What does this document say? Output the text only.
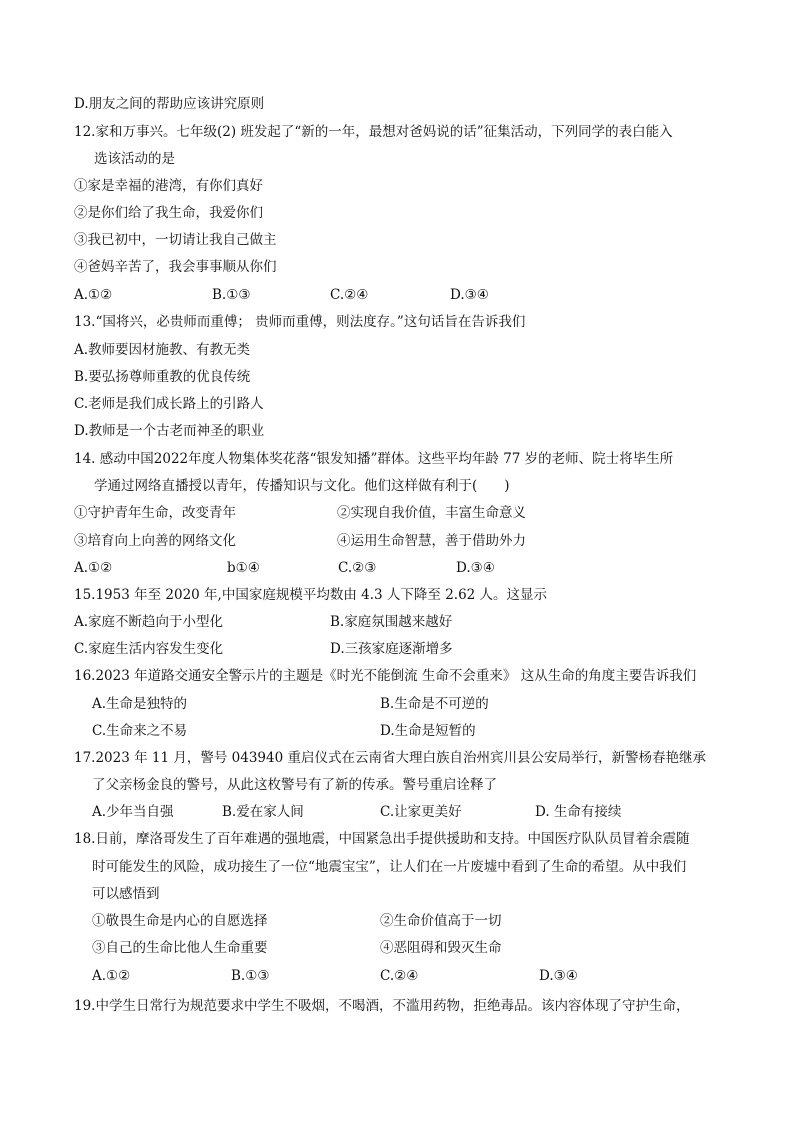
D.朋友之间的帮助应该讲究原则
12.家和万事兴。七年级(2) 班发起了“新的一年，最想对爸妈说的话”征集活动，下列同学的表白能入
选该活动的是
①家是幸福的港湾，有你们真好
②是你们给了我生命，我爱你们
③我已初中，一切请让我自己做主
④爸妈辛苦了，我会事事顺从你们
A.①②	B.①③	C.②④	D.③④
13.“国将兴，必贵师而重傅； 贵师而重傅，则法度存。”这句话旨在告诉我们
A.教师要因材施教、有教无类
B.要弘扬尊师重教的优良传统
C.老师是我们成长路上的引路人
D.教师是一个古老而神圣的职业
14. 感动中国2022年度人物集体奖花落“银发知播”群体。这些平均年龄 77 岁的老师、院士将毕生所
学通过网络直播授以青年，传播知识与文化。他们这样做有利于(　　)
①守护青年生命，改变青年	②实现自我价值，丰富生命意义
③培育向上向善的网络文化	④运用生命智慧，善于借助外力
A.①②	b①④	C.②③	D.③④
15.1953 年至 2020 年,中国家庭规模平均数由 4.3 人下降至 2.62 人。这显示
A.家庭不断趋向于小型化	B.家庭氛围越来越好
C.家庭生活内容发生变化	D.三孩家庭逐渐增多
16.2023 年道路交通安全警示片的主题是《时光不能倒流 生命不会重来》 这从生命的角度主要告诉我们
A.生命是独特的	B.生命是不可逆的
C.生命来之不易	D.生命是短暂的
17.2023 年 11 月，警号 043940 重启仪式在云南省大理白族自治州宾川县公安局举行，新警杨春艳继承
了父亲杨金良的警号，从此这枚警号有了新的传承。警号重启诠释了
A.少年当自强	B.爱在家人间	C.让家更美好	D. 生命有接续
18.日前，摩洛哥发生了百年难遇的强地震，中国紧急出手提供援助和支持。中国医疗队队员冒着余震随
时可能发生的风险，成功接生了一位“地震宝宝”，让人们在一片废墟中看到了生命的希望。从中我们
可以感悟到
①敬畏生命是内心的自愿选择	②生命价值高于一切
③自己的生命比他人生命重要	④恶阻碍和毁灭生命
A.①②	B.①③	C.②④	D.③④
19.中学生日常行为规范要求中学生不吸烟，不喝酒，不滥用药物，拒绝毒品。该内容体现了守护生命，
